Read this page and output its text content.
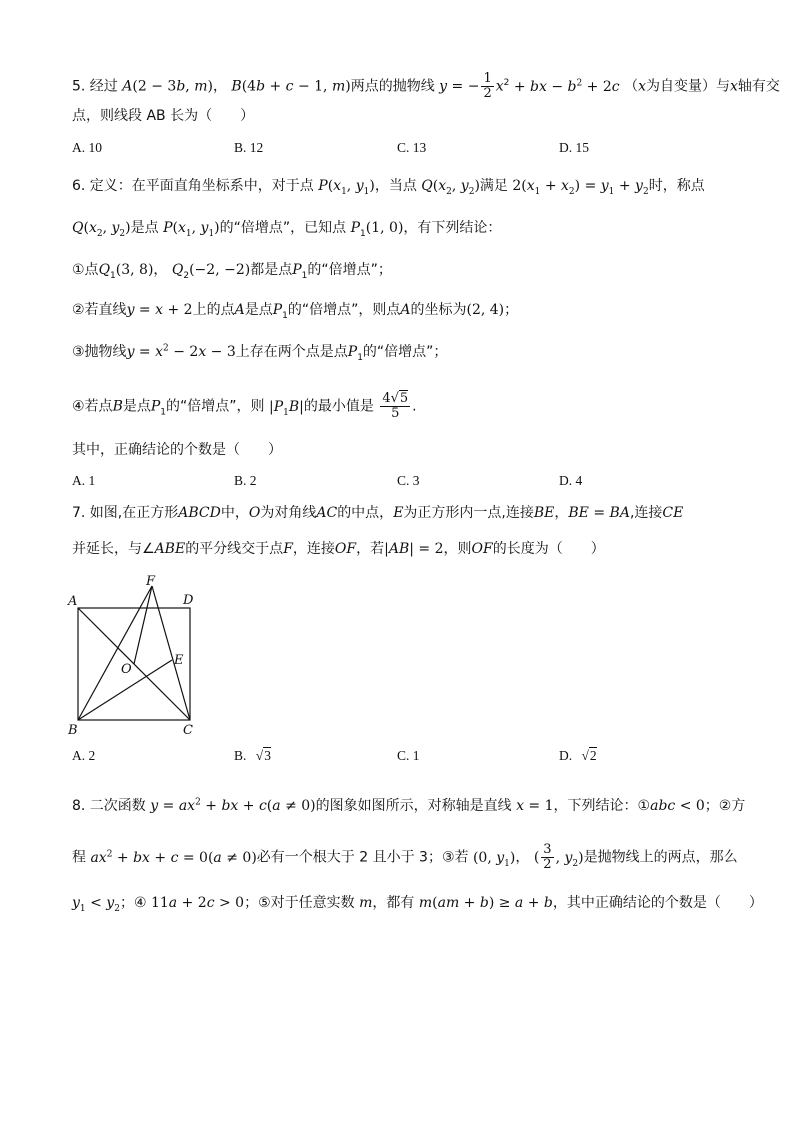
5. 经过 A(2 − 3b, m)， B(4b + c − 1, m)两点的抛物线 y = − $\frac{1}{2} x^2$ + bx − $b^2 + 2c$ （x为自变量）与x轴有交
点，则线段 AB 长为（　　）
A. 10	B. 12	C. 13	D. 15
6. 定义：在平面直角坐标系中，对于点 $P(x_1$, $y_1$)，当点 $Q(x_2$, $y_2$)满足 $2(x_1 + x_2) = y_1 + y_2$时，称点
$Q(x_2$, $y_2$)是点 $P(x_1$, $y_1$)的“倍增点”，已知点 $P_1(1$, 0)，有下列结论：
①点$Q_1(3$, 8)， $Q_2(-2$, −2)都是点$P_1$的“倍增点”；
②若直线y = x + 2上的点A是点$P_1$的“倍增点”，则点A的坐标为(2, 4)；
③抛物线$y = x^2 - 2x - 3$上存在两个点是点$P_1$的“倍增点”；
④若点B是点$P_1$的“倍增点”，则 $|P_1B|$的最小值是 $\frac{4√5}{5}$ .
其中，正确结论的个数是（　　）
A. 1	B. 2	C. 3	D. 4
7. 如图,在正方形ABCD中，O为对角线AC的中点，E为正方形内一点,连接BE，BE = BA,连接CE
并延长，与∠ABE的平分线交于点F，连接OF，若|AB| = 2，则OF的长度为（　　）
A	D
B	C
E
F
O
A. 2	B. √3	C. 1	D. √2
8. 二次函数 $y = ax^2$ + bx + c(a ≠ 0)的图象如图所示，对称轴是直线 x = 1，下列结论：①abc < 0；②方
程 $ax^2$ + bx + c = 0(a ≠ 0)必有一个根大于 2 且小于 3；③若 (0, $y_1$)， ( $\frac{3}{2}$ , $y_2$)是抛物线上的两点，那么
$y_1 < y_2$；④ 11a + 2c > 0；⑤对于任意实数 m，都有 m(am + b) ≥ a + b，其中正确结论的个数是（　　）
